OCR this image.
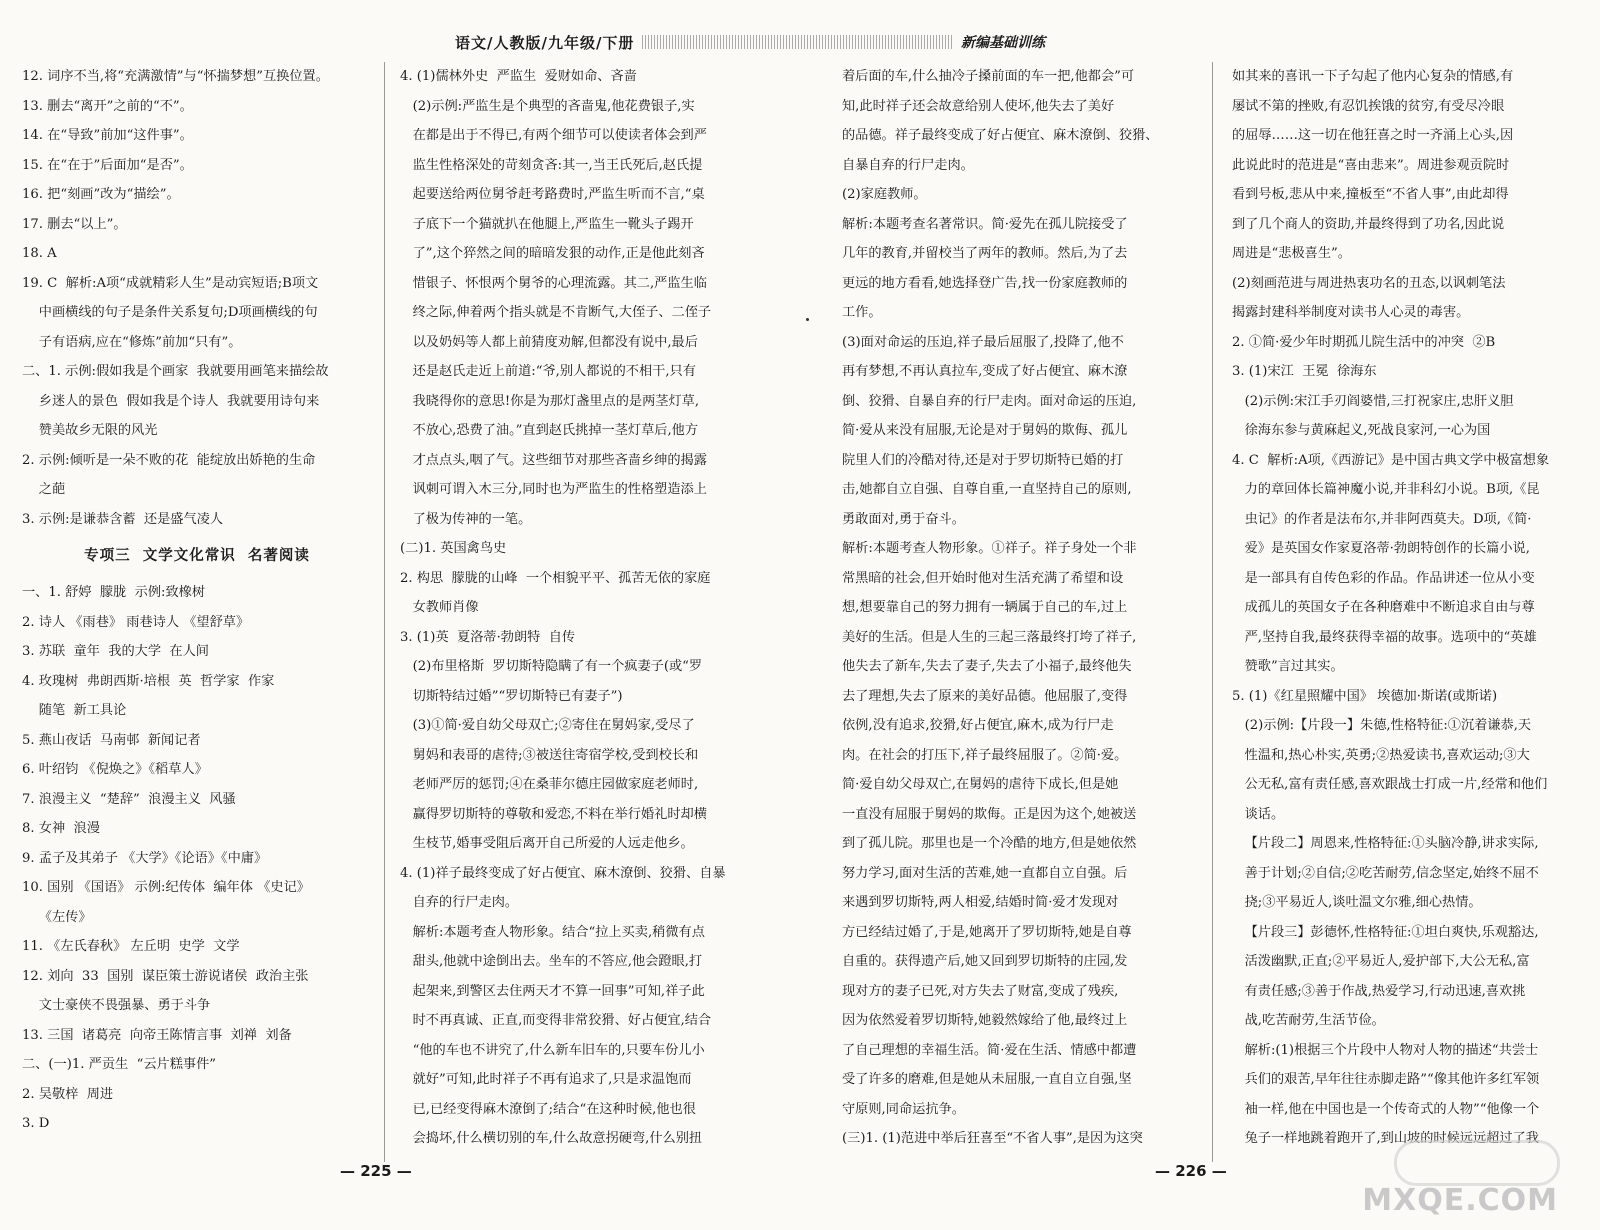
语文/人教版/九年级/下册	新编基础训练

12. 词序不当,将“充满激情”与“怀揣梦想”互换位置。

13. 删去“离开”之前的“不”。

14. 在“导致”前加“这件事”。

15. 在“在于”后面加“是否”。

16. 把“刻画”改为“描绘”。

17. 删去“以上”。

18. A

19. C  解析:A项“成就精彩人生”是动宾短语;B项文

中画横线的句子是条件关系复句;D项画横线的句

子有语病,应在“修炼”前加“只有”。

二、1. 示例:假如我是个画家  我就要用画笔来描绘故

乡迷人的景色  假如我是个诗人  我就要用诗句来

赞美故乡无限的风光

2. 示例:倾听是一朵不败的花  能绽放出娇艳的生命

之葩

3. 示例:是谦恭含蓄  还是盛气凌人

专项三  文学文化常识  名著阅读

一、1. 舒婷  朦胧  示例:致橡树

2. 诗人 《雨巷》 雨巷诗人 《望舒草》

3. 苏联  童年  我的大学  在人间

4. 玫瑰树  弗朗西斯·培根  英  哲学家  作家

随笔  新工具论

5. 燕山夜话  马南邨  新闻记者

6. 叶绍钧 《倪焕之》《稻草人》

7. 浪漫主义  “楚辞”  浪漫主义  风骚

8. 女神  浪漫

9. 孟子及其弟子 《大学》《论语》《中庸》

10. 国别 《国语》 示例:纪传体  编年体 《史记》

《左传》

11. 《左氏春秋》 左丘明  史学  文学

12. 刘向  33  国别  谋臣策士游说诸侯  政治主张

文士豪侠不畏强暴、勇于斗争

13. 三国  诸葛亮  向帝王陈情言事  刘禅  刘备

二、(一)1. 严贡生  “云片糕事件”

2. 吴敬梓  周进

3. D

4. (1)儒林外史  严监生  爱财如命、吝啬

(2)示例:严监生是个典型的吝啬鬼,他花费银子,实

在都是出于不得已,有两个细节可以使读者体会到严

监生性格深处的苛刻贪吝:其一,当王氏死后,赵氏提

起要送给两位舅爷赶考路费时,严监生听而不言,“桌

子底下一个猫就扒在他腿上,严监生一靴头子踢开

了”,这个猝然之间的暗暗发狠的动作,正是他此刻吝

惜银子、怀恨两个舅爷的心理流露。其二,严监生临

终之际,伸着两个指头就是不肯断气,大侄子、二侄子

以及奶妈等人都上前猜度劝解,但都没有说中,最后

还是赵氏走近上前道:“爷,别人都说的不相干,只有

我晓得你的意思!你是为那灯盏里点的是两茎灯草,

不放心,恐费了油。”直到赵氏挑掉一茎灯草后,他方

才点点头,咽了气。这些细节对那些吝啬乡绅的揭露

讽刺可谓入木三分,同时也为严监生的性格塑造添上

了极为传神的一笔。

(二)1. 英国禽鸟史

2. 构思  朦胧的山峰  一个相貌平平、孤苦无依的家庭

女教师肖像

3. (1)英  夏洛蒂·勃朗特  自传

(2)布里格斯  罗切斯特隐瞒了有一个疯妻子(或“罗

切斯特结过婚”“罗切斯特已有妻子”)

(3)①简·爱自幼父母双亡;②寄住在舅妈家,受尽了

舅妈和表哥的虐待;③被送往寄宿学校,受到校长和

老师严厉的惩罚;④在桑菲尔德庄园做家庭老师时,

赢得罗切斯特的尊敬和爱恋,不料在举行婚礼时却横

生枝节,婚事受阻后离开自己所爱的人远走他乡。

4. (1)祥子最终变成了好占便宜、麻木潦倒、狡猾、自暴

自弃的行尸走肉。

解析:本题考查人物形象。结合“拉上买卖,稍微有点

甜头,他就中途倒出去。坐车的不答应,他会蹬眼,打

起架来,到警区去住两天才不算一回事”可知,祥子此

时不再真诚、正直,而变得非常狡猾、好占便宜,结合

“他的车也不讲究了,什么新车旧车的,只要车份儿小

就好”可知,此时祥子不再有追求了,只是求温饱而

已,已经变得麻木潦倒了;结合“在这种时候,他也很

会捣坏,什么横切别的车,什么故意拐硬弯,什么别扭

着后面的车,什么抽冷子搡前面的车一把,他都会”可

知,此时祥子还会故意给别人使坏,他失去了美好

的品德。祥子最终变成了好占便宜、麻木潦倒、狡猾、

自暴自弃的行尸走肉。

(2)家庭教师。

解析:本题考查名著常识。简·爱先在孤儿院接受了

几年的教育,并留校当了两年的教师。然后,为了去

更远的地方看看,她选择登广告,找一份家庭教师的

工作。

(3)面对命运的压迫,祥子最后屈服了,投降了,他不

再有梦想,不再认真拉车,变成了好占便宜、麻木潦

倒、狡猾、自暴自弃的行尸走肉。面对命运的压迫,

简·爱从来没有屈服,无论是对于舅妈的欺侮、孤儿

院里人们的冷酷对待,还是对于罗切斯特已婚的打

击,她都自立自强、自尊自重,一直坚持自己的原则,

勇敢面对,勇于奋斗。

解析:本题考查人物形象。①祥子。祥子身处一个非

常黑暗的社会,但开始时他对生活充满了希望和设

想,想要靠自己的努力拥有一辆属于自己的车,过上

美好的生活。但是人生的三起三落最终打垮了祥子,

他失去了新车,失去了妻子,失去了小福子,最终他失

去了理想,失去了原来的美好品德。他屈服了,变得

依例,没有追求,狡猾,好占便宜,麻木,成为行尸走

肉。在社会的打压下,祥子最终屈服了。②简·爱。

简·爱自幼父母双亡,在舅妈的虐待下成长,但是她

一直没有屈服于舅妈的欺侮。正是因为这个,她被送

到了孤儿院。那里也是一个冷酷的地方,但是她依然

努力学习,面对生活的苦难,她一直都自立自强。后

来遇到罗切斯特,两人相爱,结婚时简·爱才发现对

方已经结过婚了,于是,她离开了罗切斯特,她是自尊

自重的。获得遗产后,她又回到罗切斯特的庄园,发

现对方的妻子已死,对方失去了财富,变成了残疾,

因为依然爱着罗切斯特,她毅然嫁给了他,最终过上

了自己理想的幸福生活。简·爱在生活、情感中都遭

受了许多的磨难,但是她从未屈服,一直自立自强,坚

守原则,同命运抗争。

(三)1. (1)范进中举后狂喜至“不省人事”,是因为这突

如其来的喜讯一下子勾起了他内心复杂的情感,有

屡试不第的挫败,有忍饥挨饿的贫穷,有受尽冷眼

的屈辱……这一切在他狂喜之时一齐涌上心头,因

此说此时的范进是“喜由悲来”。周进参观贡院时

看到号板,悲从中来,撞板至“不省人事”,由此却得

到了几个商人的资助,并最终得到了功名,因此说

周进是“悲极喜生”。

(2)刻画范进与周进热衷功名的丑态,以讽刺笔法

揭露封建科举制度对读书人心灵的毒害。

2. ①简·爱少年时期孤儿院生活中的冲突  ②B

3. (1)宋江  王冕  徐海东

(2)示例:宋江手刃阎婆惜,三打祝家庄,忠肝义胆

徐海东参与黄麻起义,死战良家河,一心为国

4. C  解析:A项,《西游记》是中国古典文学中极富想象

力的章回体长篇神魔小说,并非科幻小说。B项,《昆

虫记》的作者是法布尔,并非阿西莫夫。D项,《简·

爱》是英国女作家夏洛蒂·勃朗特创作的长篇小说,

是一部具有自传色彩的作品。作品讲述一位从小变

成孤儿的英国女子在各种磨难中不断追求自由与尊

严,坚持自我,最终获得幸福的故事。选项中的“英雄

赞歌”言过其实。

5. (1)《红星照耀中国》 埃德加·斯诺(或斯诺)

(2)示例:【片段一】朱德,性格特征:①沉着谦恭,天

性温和,热心朴实,英勇;②热爱读书,喜欢运动;③大

公无私,富有责任感,喜欢跟战士打成一片,经常和他们

谈话。

【片段二】周恩来,性格特征:①头脑冷静,讲求实际,

善于计划;②自信;②吃苦耐劳,信念坚定,始终不屈不

挠;③平易近人,谈吐温文尔雅,细心热情。

【片段三】彭德怀,性格特征:①坦白爽快,乐观豁达,

活泼幽默,正直;②平易近人,爱护部下,大公无私,富

有责任感;③善于作战,热爱学习,行动迅速,喜欢挑

战,吃苦耐劳,生活节俭。

解析:(1)根据三个片段中人物对人物的描述“共尝士

兵们的艰苦,早年往往赤脚走路”“像其他许多红军领

袖一样,他在中国也是一个传奇式的人物”“他像一个

兔子一样地跳着跑开了,到山坡的时候远远超过了我

— 225 —	— 226 —
MXQE.COM
